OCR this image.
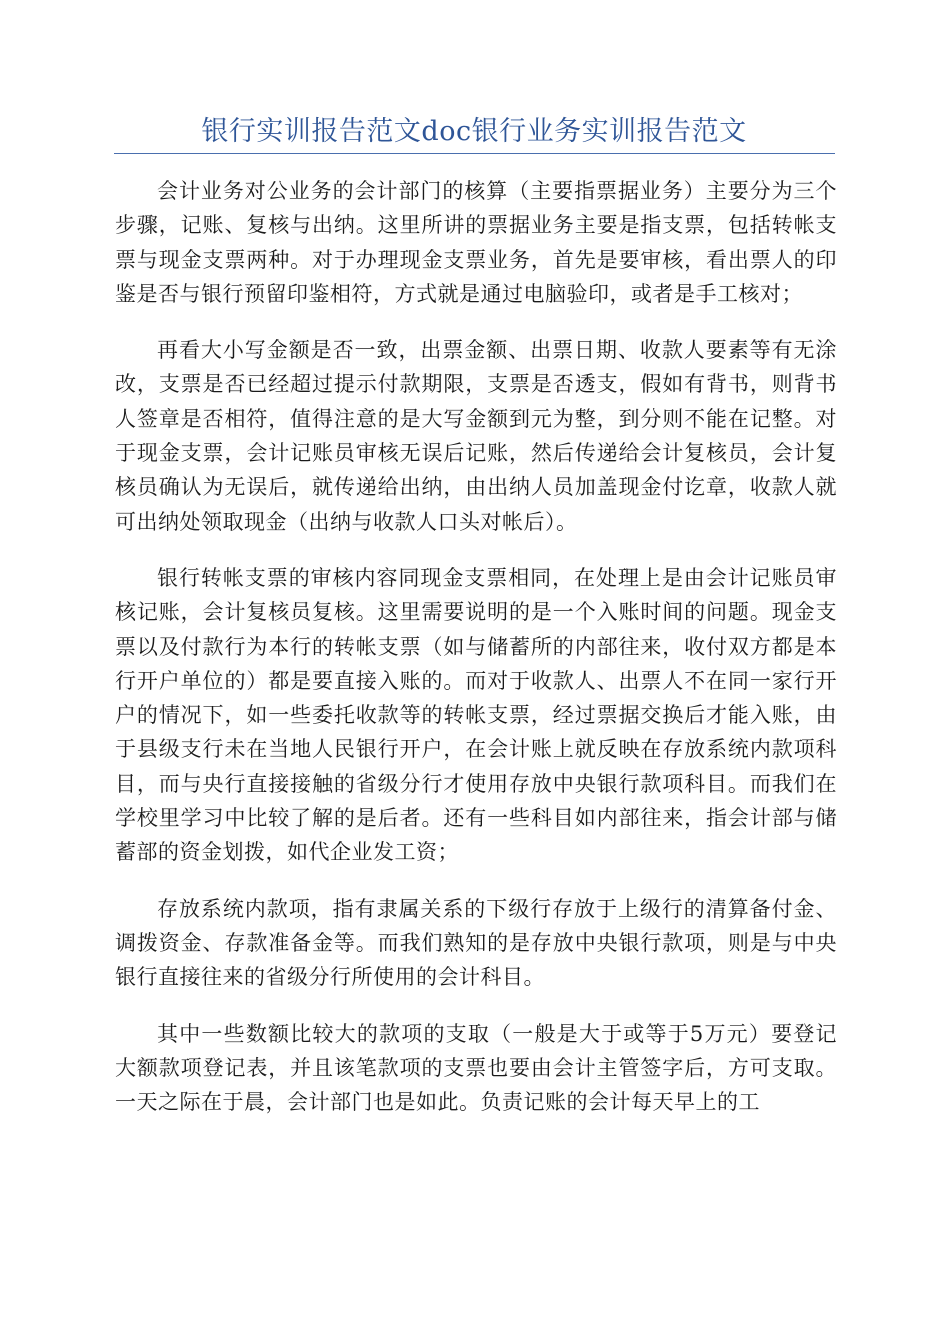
银行实训报告范文doc银行业务实训报告范文

会计业务对公业务的会计部门的核算（主要指票据业务）主要分为三个步骤，记账、复核与出纳。这里所讲的票据业务主要是指支票，包括转帐支票与现金支票两种。对于办理现金支票业务，首先是要审核，看出票人的印鉴是否与银行预留印鉴相符，方式就是通过电脑验印，或者是手工核对；

再看大小写金额是否一致，出票金额、出票日期、收款人要素等有无涂改，支票是否已经超过提示付款期限，支票是否透支，假如有背书，则背书人签章是否相符，值得注意的是大写金额到元为整，到分则不能在记整。对于现金支票，会计记账员审核无误后记账，然后传递给会计复核员，会计复核员确认为无误后，就传递给出纳，由出纳人员加盖现金付讫章，收款人就可出纳处领取现金（出纳与收款人口头对帐后）。

银行转帐支票的审核内容同现金支票相同，在处理上是由会计记账员审核记账，会计复核员复核。这里需要说明的是一个入账时间的问题。现金支票以及付款行为本行的转帐支票（如与储蓄所的内部往来，收付双方都是本行开户单位的）都是要直接入账的。而对于收款人、出票人不在同一家行开户的情况下，如一些委托收款等的转帐支票，经过票据交换后才能入账，由于县级支行未在当地人民银行开户，在会计账上就反映在存放系统内款项科目，而与央行直接接触的省级分行才使用存放中央银行款项科目。而我们在学校里学习中比较了解的是后者。还有一些科目如内部往来，指会计部与储蓄部的资金划拨，如代企业发工资；

存放系统内款项，指有隶属关系的下级行存放于上级行的清算备付金、调拨资金、存款准备金等。而我们熟知的是存放中央银行款项，则是与中央银行直接往来的省级分行所使用的会计科目。

其中一些数额比较大的款项的支取（一般是大于或等于5万元）要登记大额款项登记表，并且该笔款项的支票也要由会计主管签字后，方可支取。一天之际在于晨，会计部门也是如此。负责记账的会计每天早上的工
